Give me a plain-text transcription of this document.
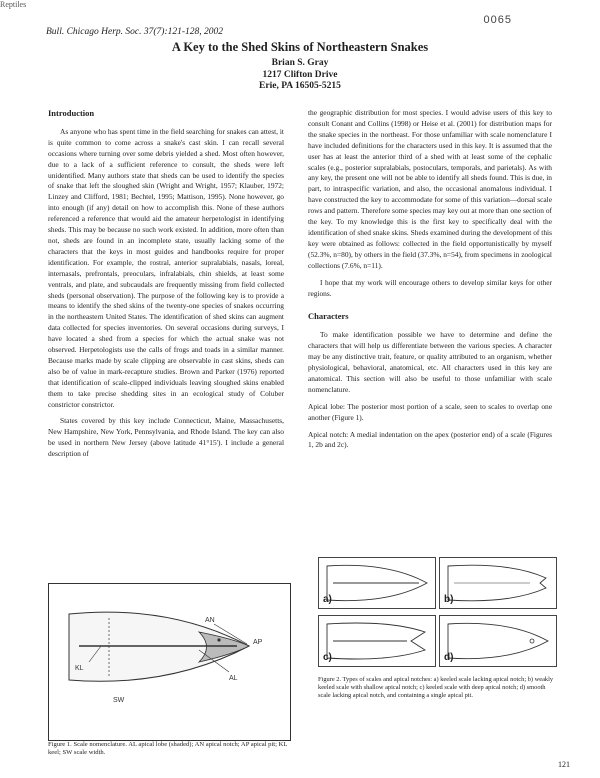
Reptiles
0065
Bull. Chicago Herp. Soc. 37(7):121-128, 2002
A Key to the Shed Skins of Northeastern Snakes
Brian S. Gray
1217 Clifton Drive
Erie, PA 16505-5215
Introduction

As anyone who has spent time in the field searching for snakes can attest, it is quite common to come across a snake's cast skin. I can recall several occasions where turning over some debris yielded a shed. Most often however, due to a lack of a sufficient reference to consult, the sheds were left unidentified. Many authors state that sheds can be used to identify the species of snake that left the sloughed skin (Wright and Wright, 1957; Klauber, 1972; Linzey and Clifford, 1981; Bechtel, 1995; Mattison, 1995). None however, go into enough (if any) detail on how to accomplish this. None of these authors referenced a reference that would aid the amateur herpetologist in identifying sheds. This may be because no such work existed. In addition, more often than not, sheds are found in an incomplete state, usually lacking some of the characters that the keys in most guides and handbooks require for proper identification. For example, the rostral, anterior supralabials, nasals, loreal, internasals, prefrontals, preoculars, infralabials, chin shields, at least some ventrals, and plate, and subcaudals are frequently missing from field collected sheds (personal observation). The purpose of the following key is to provide a means to identify the shed skins of the twenty-one species of snakes occurring in the northeastern United States. The identification of shed skins can augment data collected for species inventories. On several occasions during surveys, I have located a shed from a species for which the actual snake was not observed. Herpetologists use the calls of frogs and toads in a similar manner. Because marks made by scale clipping are observable in cast skins, sheds can also be of value in mark-recapture studies. Brown and Parker (1976) reported that identification of scale-clipped individuals leaving sloughed skins enabled them to take precise shedding sites in an ecological study of Coluber constrictor constrictor.

States covered by this key include Connecticut, Maine, Massachusetts, New Hampshire, New York, Pennsylvania, and Rhode Island. The key can also be used in northern New Jersey (above latitude 41°15'). I include a general description of

the geographic distribution for most species. I would advise users of this key to consult Conant and Collins (1998) or Heise et al. (2001) for distribution maps for the snake species in the northeast. For those unfamiliar with scale nomenclature I have included definitions for the characters used in this key. It is assumed that the user has at least the anterior third of a shed with at least some of the cephalic scales (e.g., posterior supralabials, postoculars, temporals, and parietals). As with any key, the present one will not be able to identify all sheds found. This is due, in part, to intraspecific variation, and also, the occasional anomalous individual. I have constructed the key to accommodate for some of this variation—dorsal scale rows and pattern. Therefore some species may key out at more than one section of the key. To my knowledge this is the first key to specifically deal with the identification of shed snake skins. Sheds examined during the development of this key were obtained as follows: collected in the field opportunistically by myself (52.3%, n=80), by others in the field (37.3%, n=54), from specimens in zoological collections (7.6%, n=11).

I hope that my work will encourage others to develop similar keys for other regions.

Characters

To make identification possible we have to determine and define the characters that will help us differentiate between the various species. A character may be any distinctive trait, feature, or quality attributed to an organism, whether physiological, behavioral, anatomical, etc. All characters used in this key are anatomical. This section will also be useful to those unfamiliar with scale nomenclature.

Apical lobe: The posterior most portion of a scale, seen to scales to overlap one another (Figure 1).

Apical notch: A medial indentation on the apex (posterior end) of a scale (Figures 1, 2b and 2c).

AN
AP
AL
KL
SW
Figure 1. Scale nomenclature. AL apical lobe (shaded); AN apical notch; AP apical pit; KL keel; SW scale width.
a)	b)
c)	d)
Figure 2. Types of scales and apical notches: a) keeled scale lacking apical notch; b) weakly keeled scale with shallow apical notch; c) keeled scale with deep apical notch; d) smooth scale lacking apical notch, and containing a single apical pit.
121
